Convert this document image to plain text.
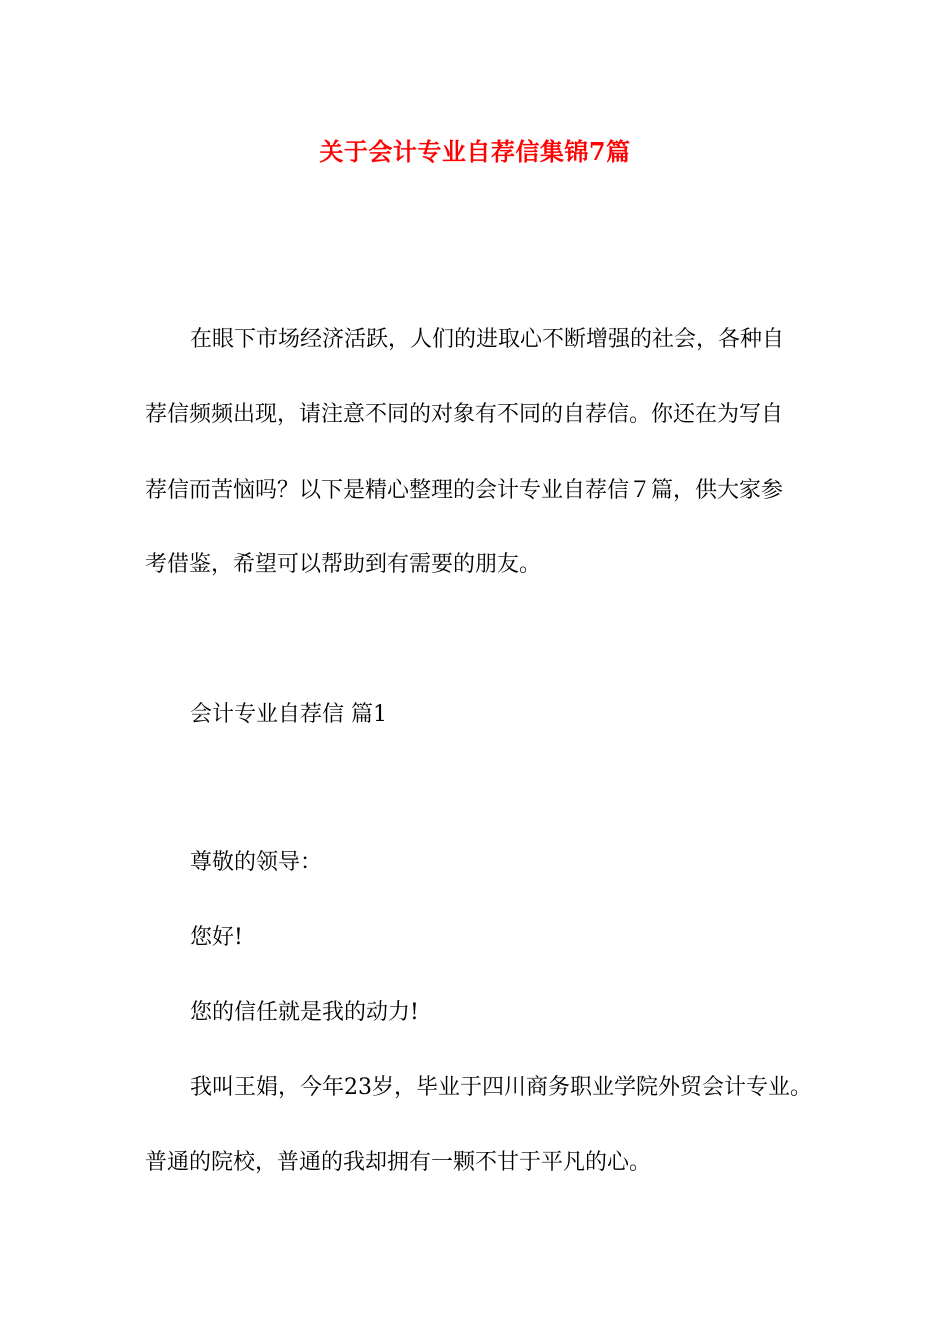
关于会计专业自荐信集锦7篇
在眼下市场经济活跃，人们的进取心不断增强的社会，各种自
荐信频频出现，请注意不同的对象有不同的自荐信。你还在为写自
荐信而苦恼吗？以下是精心整理的会计专业自荐信７篇，供大家参
考借鉴，希望可以帮助到有需要的朋友。
会计专业自荐信 篇1
尊敬的领导：
您好!
您的信任就是我的动力!
我叫王娟，今年23岁，毕业于四川商务职业学院外贸会计专业。
普通的院校，普通的我却拥有一颗不甘于平凡的心。
